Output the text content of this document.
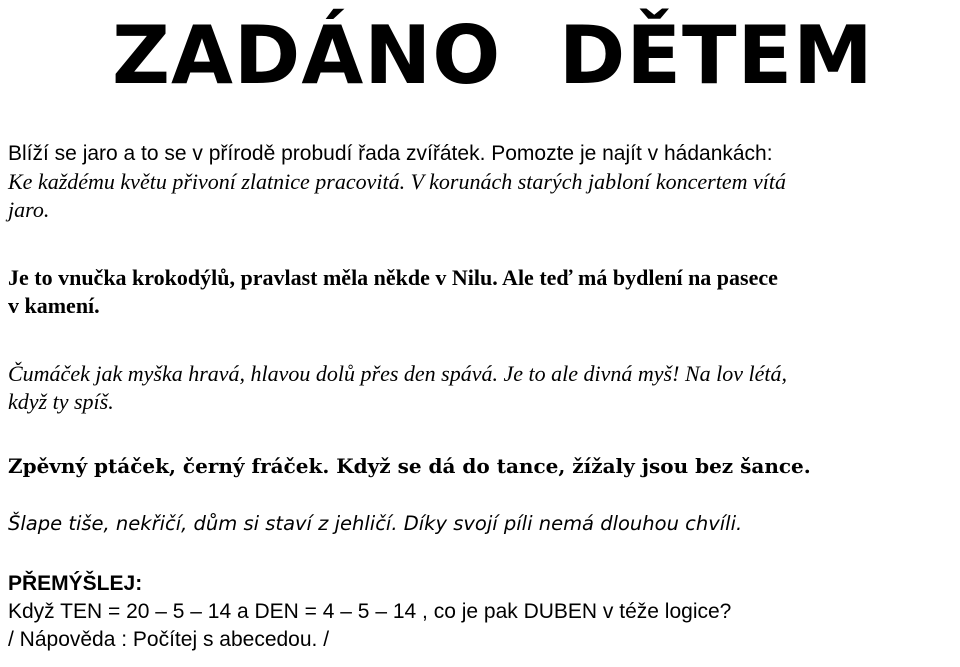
ZADÁNO  DĚTEM

Blíží se jaro a to se v přírodě probudí řada zvířátek. Pomozte je najít v hádankách:

Ke každému květu přivoní zlatnice pracovitá. V korunách starých jabloní koncertem vítá
jaro.

Je to vnučka krokodýlů, pravlast měla někde v Nilu. Ale teď má bydlení na pasece
v kamení.

Čumáček jak myška hravá, hlavou dolů přes den spává. Je to ale divná myš! Na lov létá,
když ty spíš.

Zpěvný ptáček, černý fráček. Když se dá do tance, žížaly jsou bez šance.

Šlape tiše, nekřičí, dům si staví z jehličí. Díky svojí píli nemá dlouhou chvíli.

PŘEMÝŠLEJ:
Když TEN = 20 – 5 – 14 a DEN = 4 – 5 – 14 , co je pak DUBEN v téže logice?
/ Nápověda : Počítej s abecedou. /
